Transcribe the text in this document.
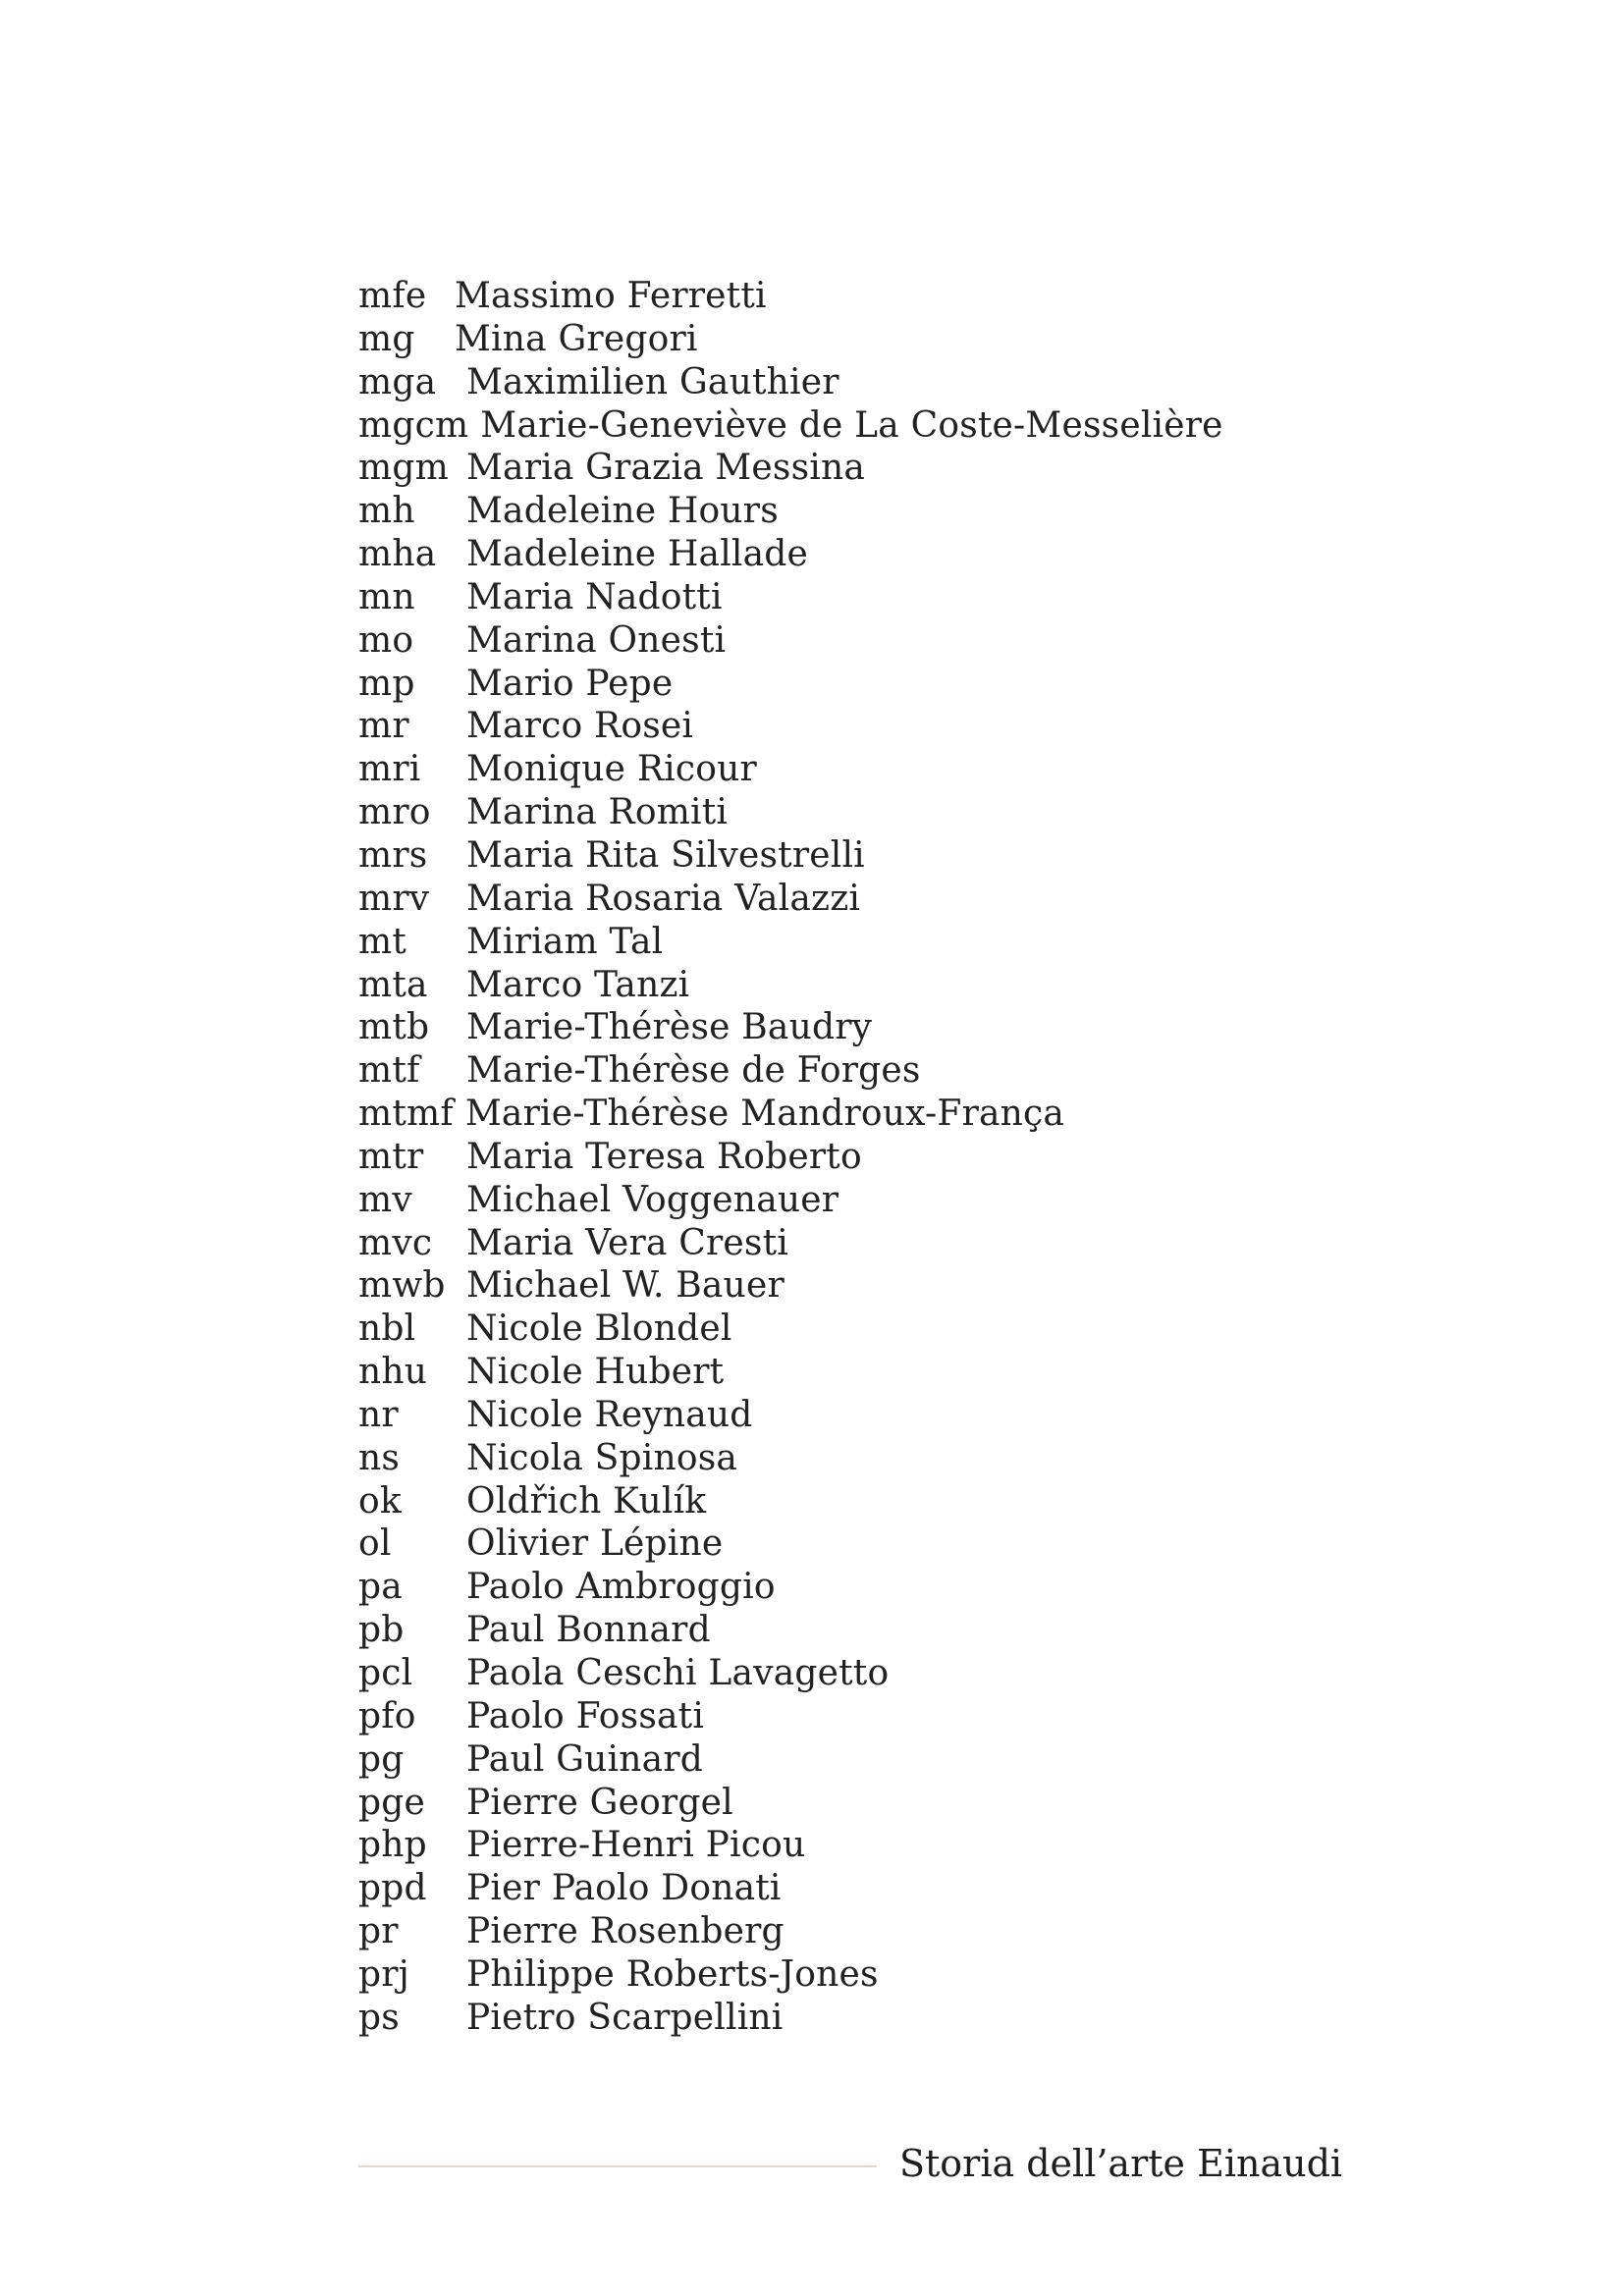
mfe Massimo Ferretti
mg Mina Gregori
mga Maximilien Gauthier
mgcm Marie-Geneviève de La Coste-Messelière
mgm Maria Grazia Messina
mh Madeleine Hours
mha Madeleine Hallade
mn Maria Nadotti
mo Marina Onesti
mp Mario Pepe
mr Marco Rosei
mri Monique Ricour
mro Marina Romiti
mrs Maria Rita Silvestrelli
mrv Maria Rosaria Valazzi
mt Miriam Tal
mta Marco Tanzi
mtb Marie-Thérèse Baudry
mtf Marie-Thérèse de Forges
mtmf Marie-Thérèse Mandroux-França
mtr Maria Teresa Roberto
mv Michael Voggenauer
mvc Maria Vera Cresti
mwb Michael W. Bauer
nbl Nicole Blondel
nhu Nicole Hubert
nr Nicole Reynaud
ns Nicola Spinosa
ok Oldřich Kulík
ol Olivier Lépine
pa Paolo Ambroggio
pb Paul Bonnard
pcl Paola Ceschi Lavagetto
pfo Paolo Fossati
pg Paul Guinard
pge Pierre Georgel
php Pierre-Henri Picou
ppd Pier Paolo Donati
pr Pierre Rosenberg
prj Philippe Roberts-Jones
ps Pietro Scarpellini
Storia dell’arte Einaudi
